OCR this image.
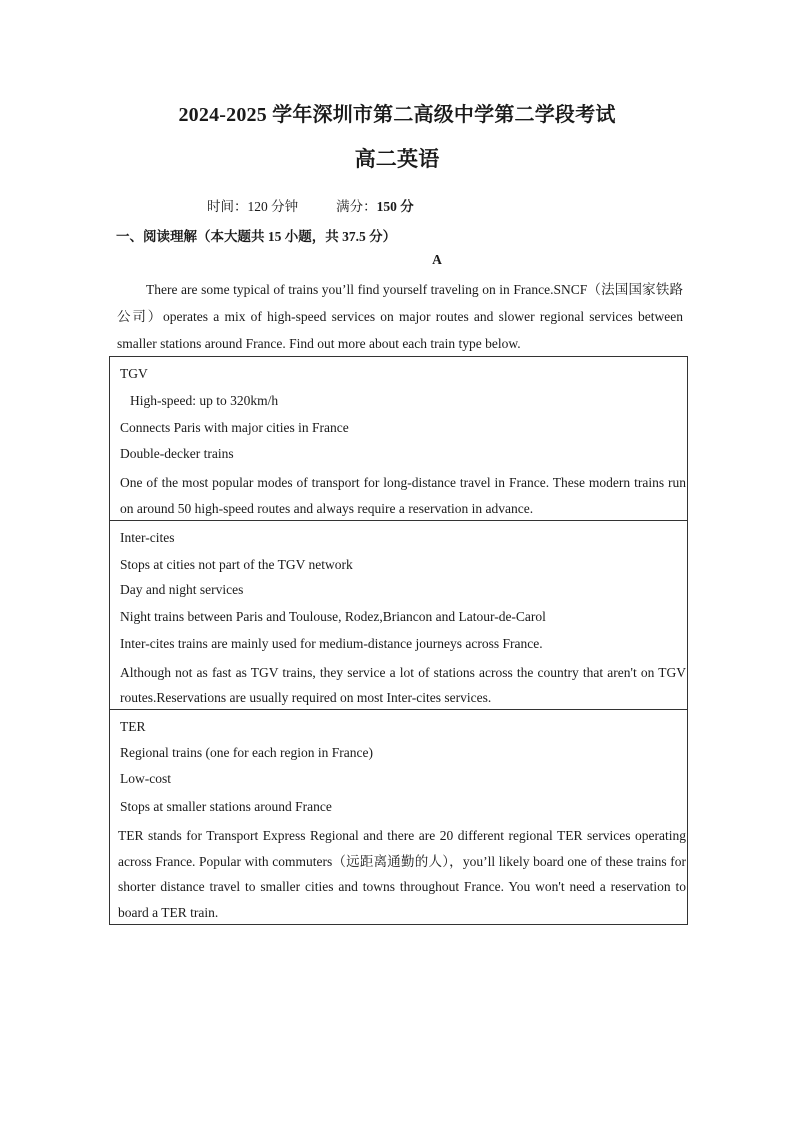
2024-2025 学年深圳市第二高级中学第二学段考试
高二英语
时间：120 分钟	满分：150 分
一、阅读理解（本大题共 15 小题，共 37.5 分）
A
There are some typical of trains you’ll find yourself traveling on in France.SNCF（法国国家铁路公司）operates a mix of high-speed services on major routes and slower regional services between smaller stations around France. Find out more about each train type below.
TGV
High-speed: up to 320km/h
Connects Paris with major cities in France
Double-decker trains
One of the most popular modes of transport for long-distance travel in France. These modern trains run on around 50 high-speed routes and always require a reservation in advance.
Inter-cites
Stops at cities not part of the TGV network
Day and night services
Night trains between Paris and Toulouse, Rodez,Briancon and Latour-de-Carol
Inter-cites trains are mainly used for medium-distance journeys across France.
Although not as fast as TGV trains, they service a lot of stations across the country that aren't on TGV routes.Reservations are usually required on most Inter-cites services.
TER
Regional trains (one for each region in France)
Low-cost
Stops at smaller stations around France
TER stands for Transport Express Regional and there are 20 different regional TER services operating across France. Popular with commuters（远距离通勤的人），you’ll likely board one of these trains for shorter distance travel to smaller cities and towns throughout France. You won't need a reservation to board a TER train.
